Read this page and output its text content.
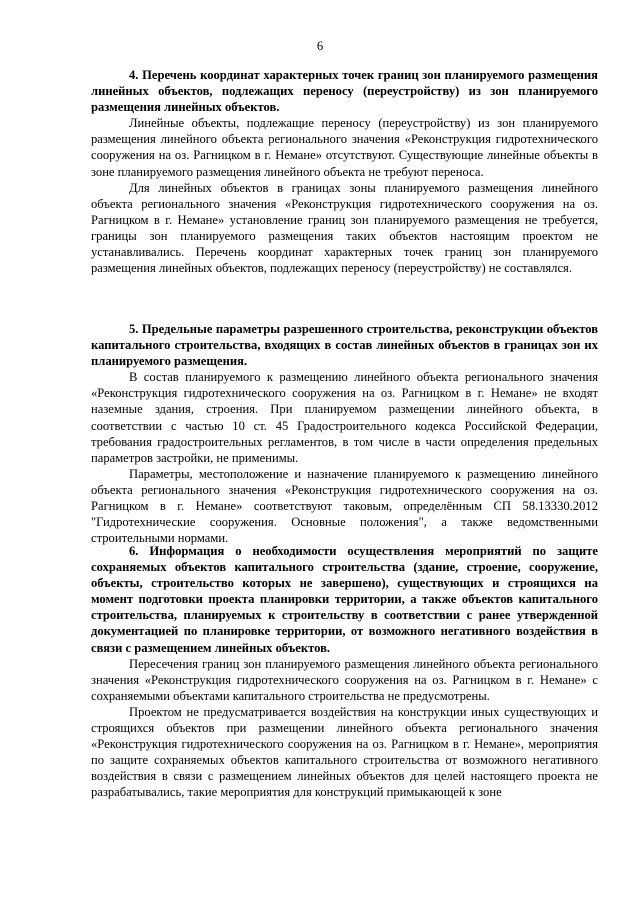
6

4. Перечень координат характерных точек границ зон планируемого размещения линейных объектов, подлежащих переносу (переустройству) из зон планируемого размещения линейных объектов.

Линейные объекты, подлежащие переносу (переустройству) из зон планируемого размещения линейного объекта регионального значения «Реконструкция гидротехнического сооружения на оз. Рагницком в г. Немане» отсутствуют. Существующие линейные объекты в зоне планируемого размещения линейного объекта не требуют переноса.

Для линейных объектов в границах зоны планируемого размещения линейного объекта регионального значения «Реконструкция гидротехнического сооружения на оз. Рагницком в г. Немане» установление границ зон планируемого размещения не требуется, границы зон планируемого размещения таких объектов настоящим проектом не устанавливались. Перечень координат характерных точек границ зон планируемого размещения линейных объектов, подлежащих переносу (переустройству) не составлялся.

5. Предельные параметры разрешенного строительства, реконструкции объектов капитального строительства, входящих в состав линейных объектов в границах зон их планируемого размещения.

В состав планируемого к размещению линейного объекта регионального значения «Реконструкция гидротехнического сооружения на оз. Рагницком в г. Немане» не входят наземные здания, строения. При планируемом размещении линейного объекта, в соответствии с частью 10 ст. 45 Градостроительного кодекса Российской Федерации, требования градостроительных регламентов, в том числе в части определения предельных параметров застройки, не применимы.

Параметры, местоположение и назначение планируемого к размещению линейного объекта регионального значения «Реконструкция гидротехнического сооружения на оз. Рагницком в г. Немане» соответствуют таковым, определённым СП 58.13330.2012 "Гидротехнические сооружения. Основные положения", а также ведомственными строительными нормами.

6. Информация о необходимости осуществления мероприятий по защите сохраняемых объектов капитального строительства (здание, строение, сооружение, объекты, строительство которых не завершено), существующих и строящихся на момент подготовки проекта планировки территории, а также объектов капитального строительства, планируемых к строительству в соответствии с ранее утвержденной документацией по планировке территории, от возможного негативного воздействия в связи с размещением линейных объектов.

Пересечения границ зон планируемого размещения линейного объекта регионального значения «Реконструкция гидротехнического сооружения на оз. Рагницком в г. Немане» с сохраняемыми объектами капитального строительства не предусмотрены.

Проектом не предусматривается воздействия на конструкции иных существующих и строящихся объектов при размещении линейного объекта регионального значения «Реконструкция гидротехнического сооружения на оз. Рагницком в г. Немане», мероприятия по защите сохраняемых объектов капитального строительства от возможного негативного воздействия в связи с размещением линейных объектов для целей настоящего проекта не разрабатывались, такие мероприятия для конструкций примыкающей к зоне
